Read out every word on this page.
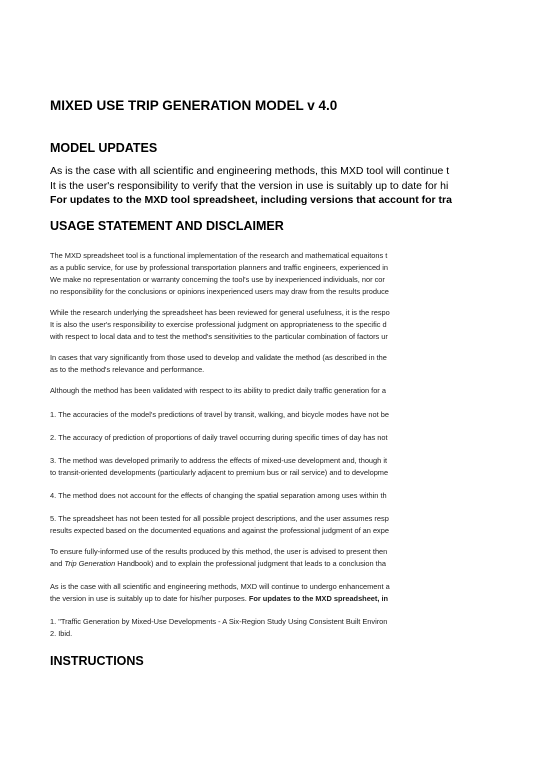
MIXED USE TRIP GENERATION MODEL v 4.0
MODEL UPDATES
As is the case with all scientific and engineering methods, this MXD tool will continue t
It is the user's responsibility to verify that the version in use is suitably up to date for hi
For updates to the MXD tool spreadsheet, including versions that account for tra
USAGE STATEMENT AND DISCLAIMER
The MXD spreadsheet tool is a functional implementation of the research and mathematical equaitons t
as a public service, for use by professional transportation planners and traffic engineers, experienced in
We make no representation or warranty concerning the tool's use by inexperienced individuals, nor cor
no responsibility for the conclusions or opinions inexperienced users may draw from the results produce
While the research underlying the spreadsheet has been reviewed for general usefulness, it is the respo
It is also the user's responsibility to exercise professional judgment on appropriateness to the specific d
with respect to local data and to test the method's sensitivities to the particular combination of factors ur
In cases that vary significantly from those used to develop and validate the method (as described in the
as to the method's relevance and performance.
Although the method has been validated with respect to its ability to predict daily traffic generation for a
1. The accuracies of the model's predictions of travel by transit, walking, and bicycle modes have not be
2. The accuracy of prediction of proportions of daily travel occurring during specific times of day has not
3. The method was developed primarily to address the effects of mixed-use development and, though it
to transit-oriented developments (particularly adjacent to premium bus or rail service) and to developme
4. The method does not account for the effects of changing the spatial separation among uses within th
5. The spreadsheet has not been tested for all possible project descriptions, and the user assumes resp
results expected based on the documented equations and against the professional judgment of an expe
To ensure fully-informed use of the results produced by this method, the user is advised to present then
and Trip Generation Handbook) and to explain the professional judgment that leads to a conclusion tha
As is the case with all scientific and engineering methods, MXD will continue to undergo enhancement a
the version in use is suitably up to date for his/her purposes. For updates to the MXD spreadsheet, in
1. "Traffic Generation by Mixed-Use Developments - A Six-Region Study Using Consistent Built Environ
2. Ibid.
INSTRUCTIONS
